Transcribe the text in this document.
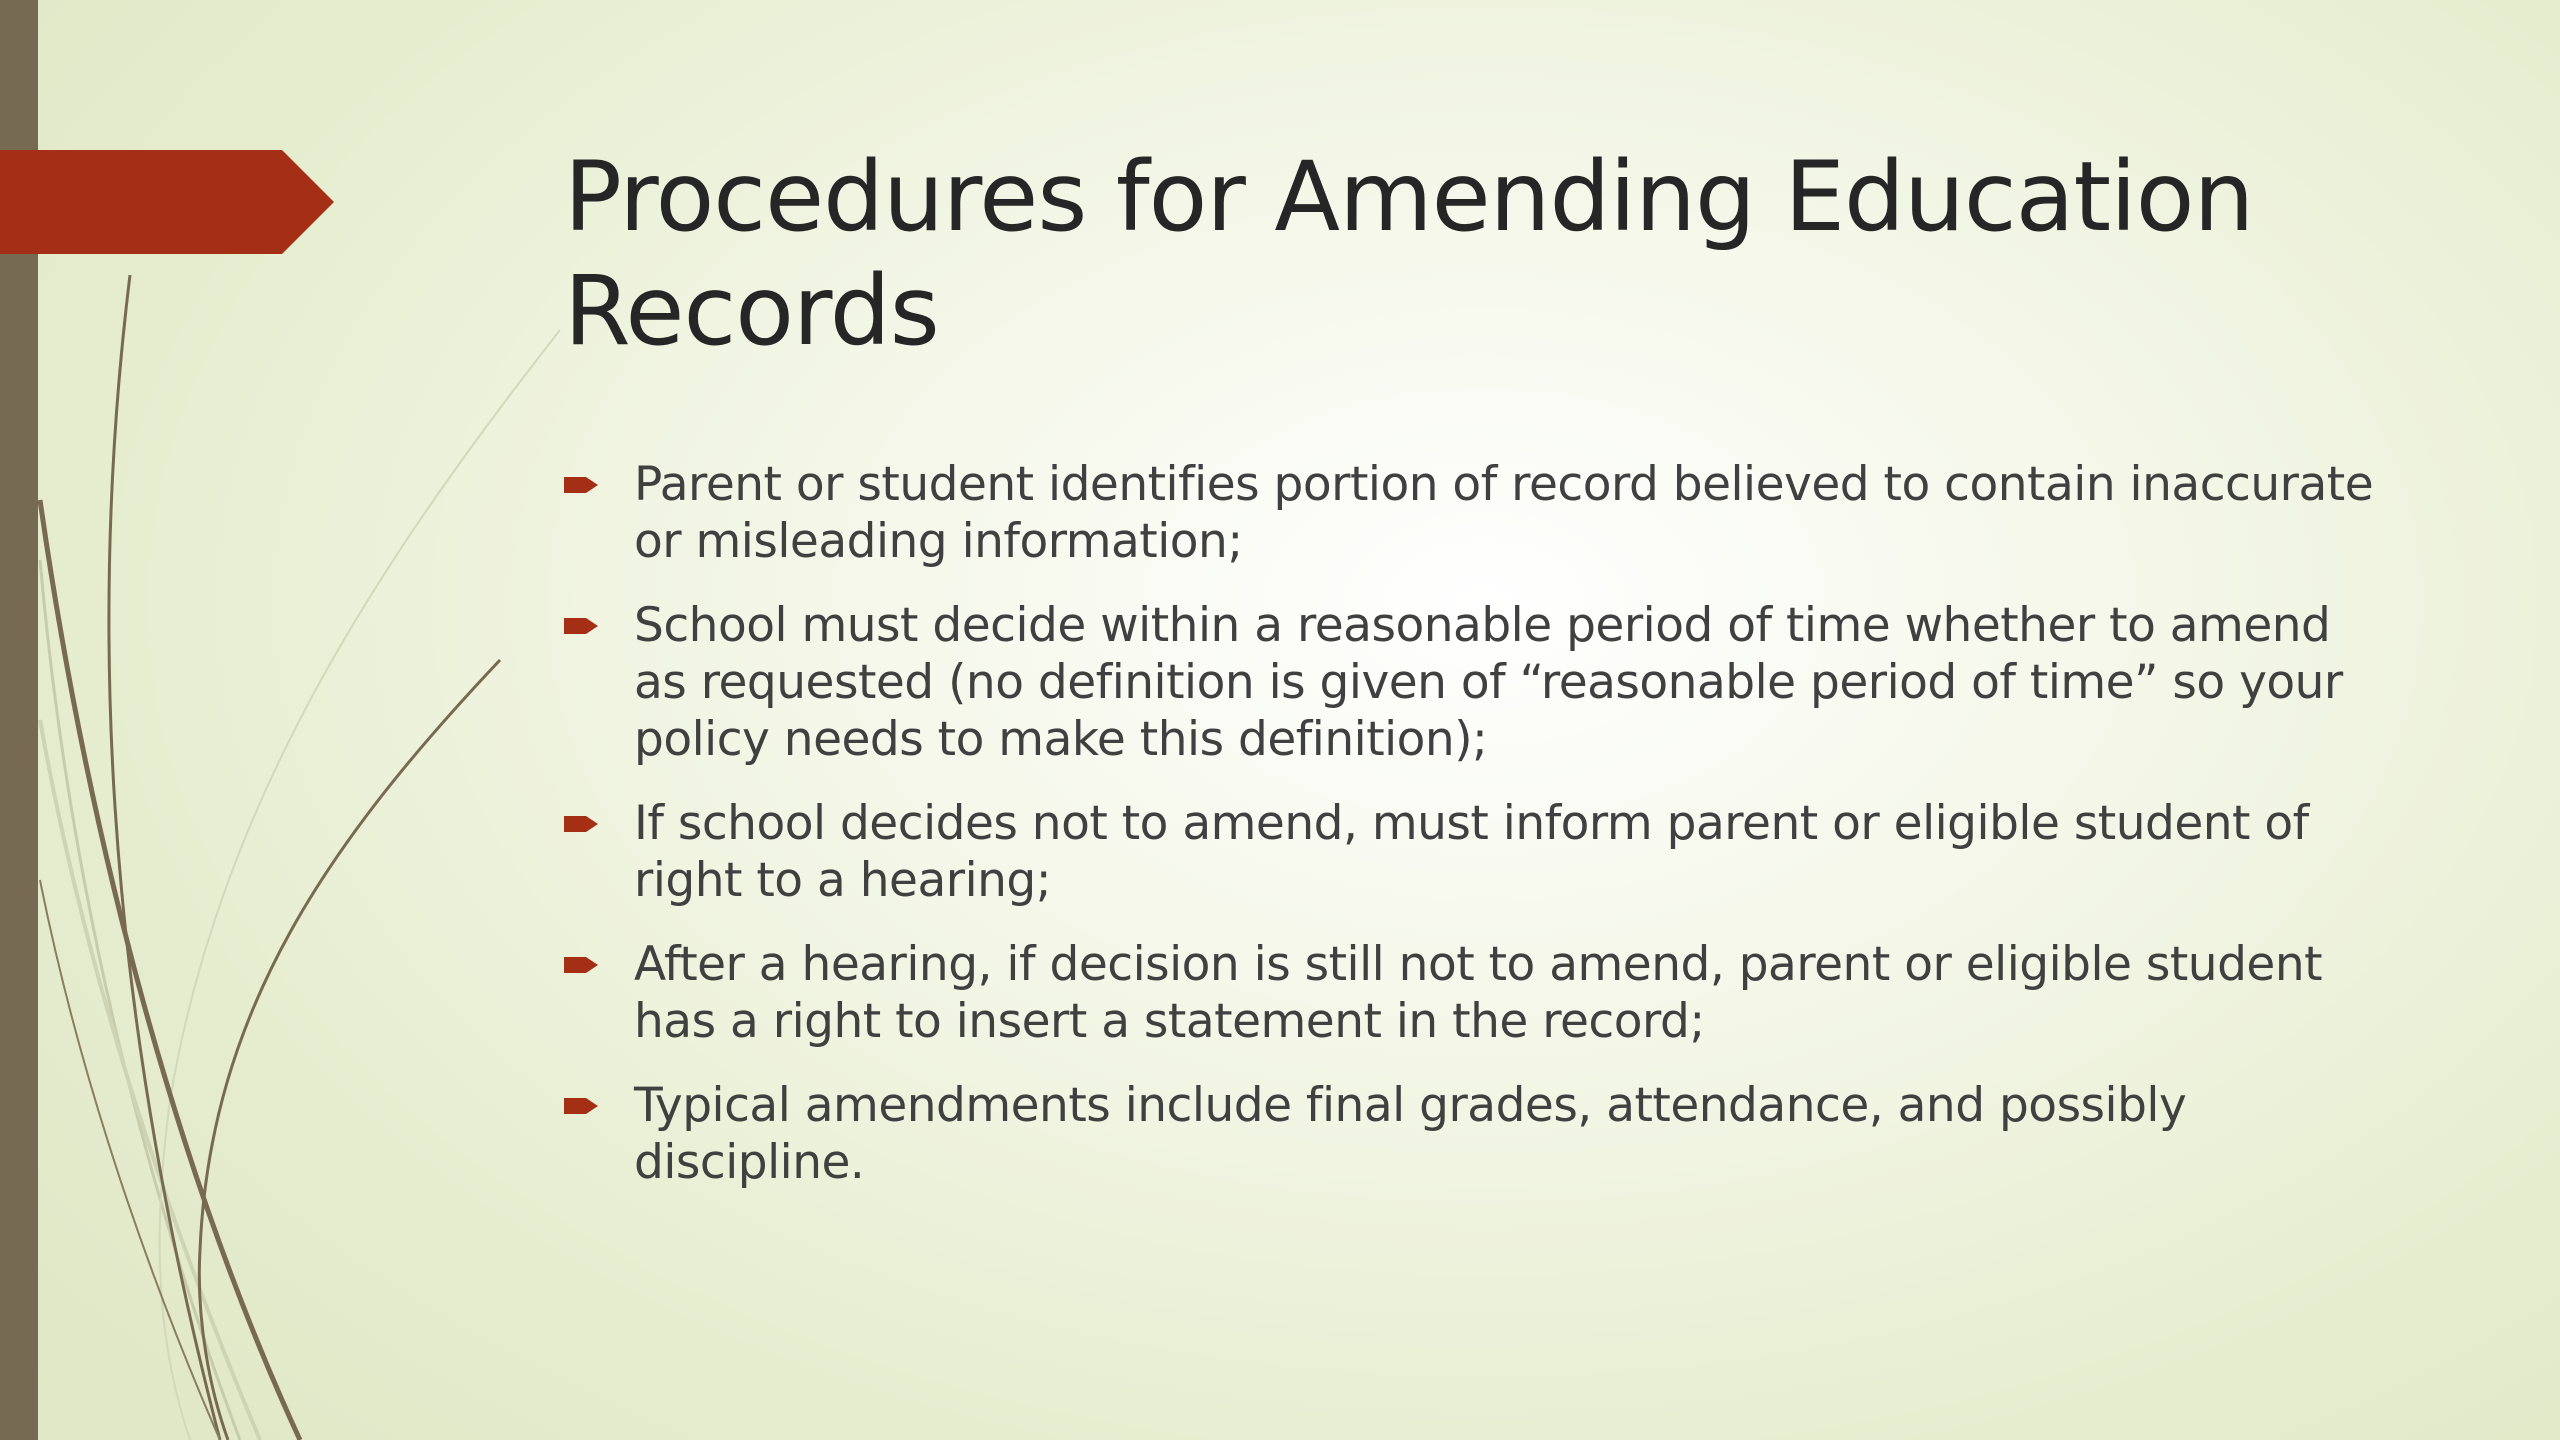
Procedures for Amending Education Records
Parent or student identifies portion of record believed to contain inaccurate or misleading information;
School must decide within a reasonable period of time whether to amend as requested (no definition is given of “reasonable period of time” so your policy needs to make this definition);
If school decides not to amend, must inform parent or eligible student of right to a hearing;
After a hearing, if decision is still not to amend, parent or eligible student has a right to insert a statement in the record;
Typical amendments include final grades, attendance, and possibly discipline.
